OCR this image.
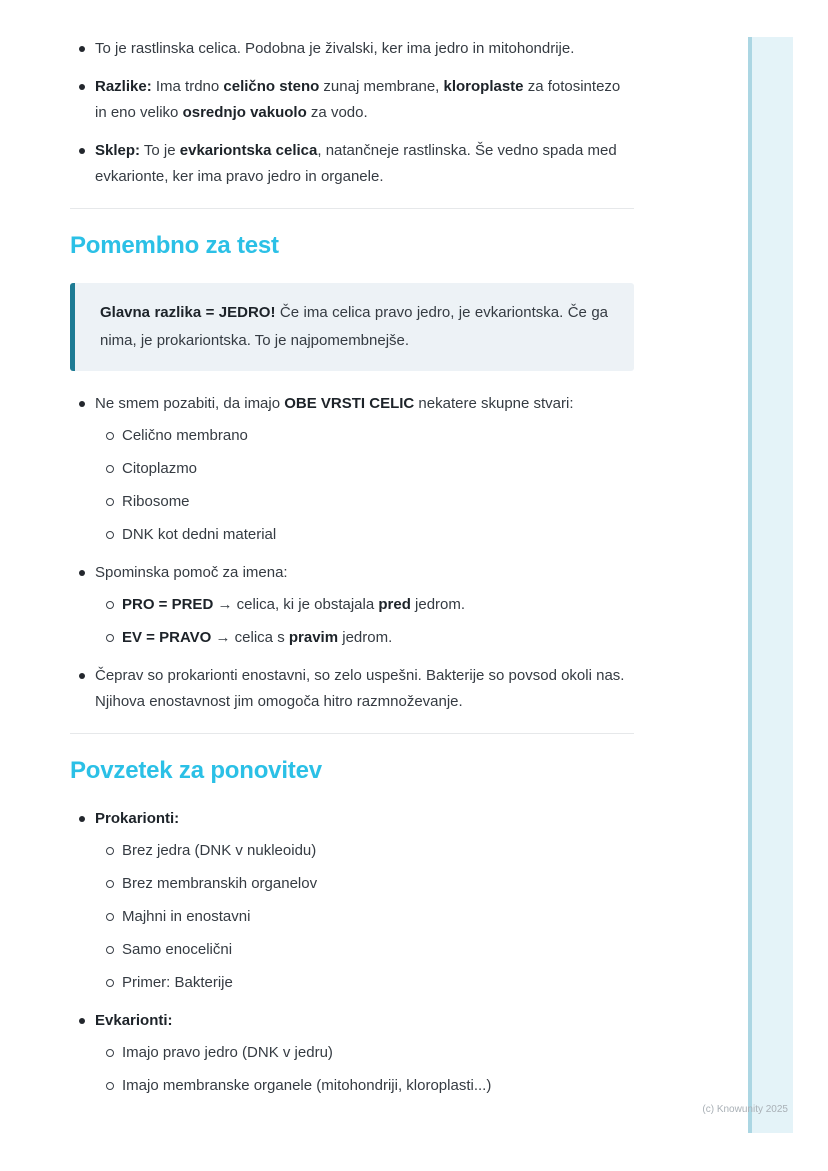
To je rastlinska celica. Podobna je živalski, ker ima jedro in mitohondrije.
Razlike: Ima trdno celično steno zunaj membrane, kloroplaste za fotosintezo in eno veliko osrednjo vakuolo za vodo.
Sklep: To je evkariontska celica, natančneje rastlinska. Še vedno spada med evkarionte, ker ima pravo jedro in organele.
Pomembno za test

Glavna razlika = JEDRO! Če ima celica pravo jedro, je evkariontska. Če ga nima, je prokariontska. To je najpomembnejše.

Ne smem pozabiti, da imajo OBE VRSTI CELIC nekatere skupne stvari:
Celično membrano
Citoplazmo
Ribosome
DNK kot dedni material
Spominska pomoč za imena:
PRO = PRED → celica, ki je obstajala pred jedrom.
EV = PRAVO → celica s pravim jedrom.
Čeprav so prokarionti enostavni, so zelo uspešni. Bakterije so povsod okoli nas. Njihova enostavnost jim omogoča hitro razmnoževanje.
Povzetek za ponovitev
Prokarionti:
Brez jedra (DNK v nukleoidu)
Brez membranskih organelov
Majhni in enostavni
Samo enocelični
Primer: Bakterije
Evkarionti:
Imajo pravo jedro (DNK v jedru)
Imajo membranske organele (mitohondriji, kloroplasti...)
(c) Knowunity 2025
